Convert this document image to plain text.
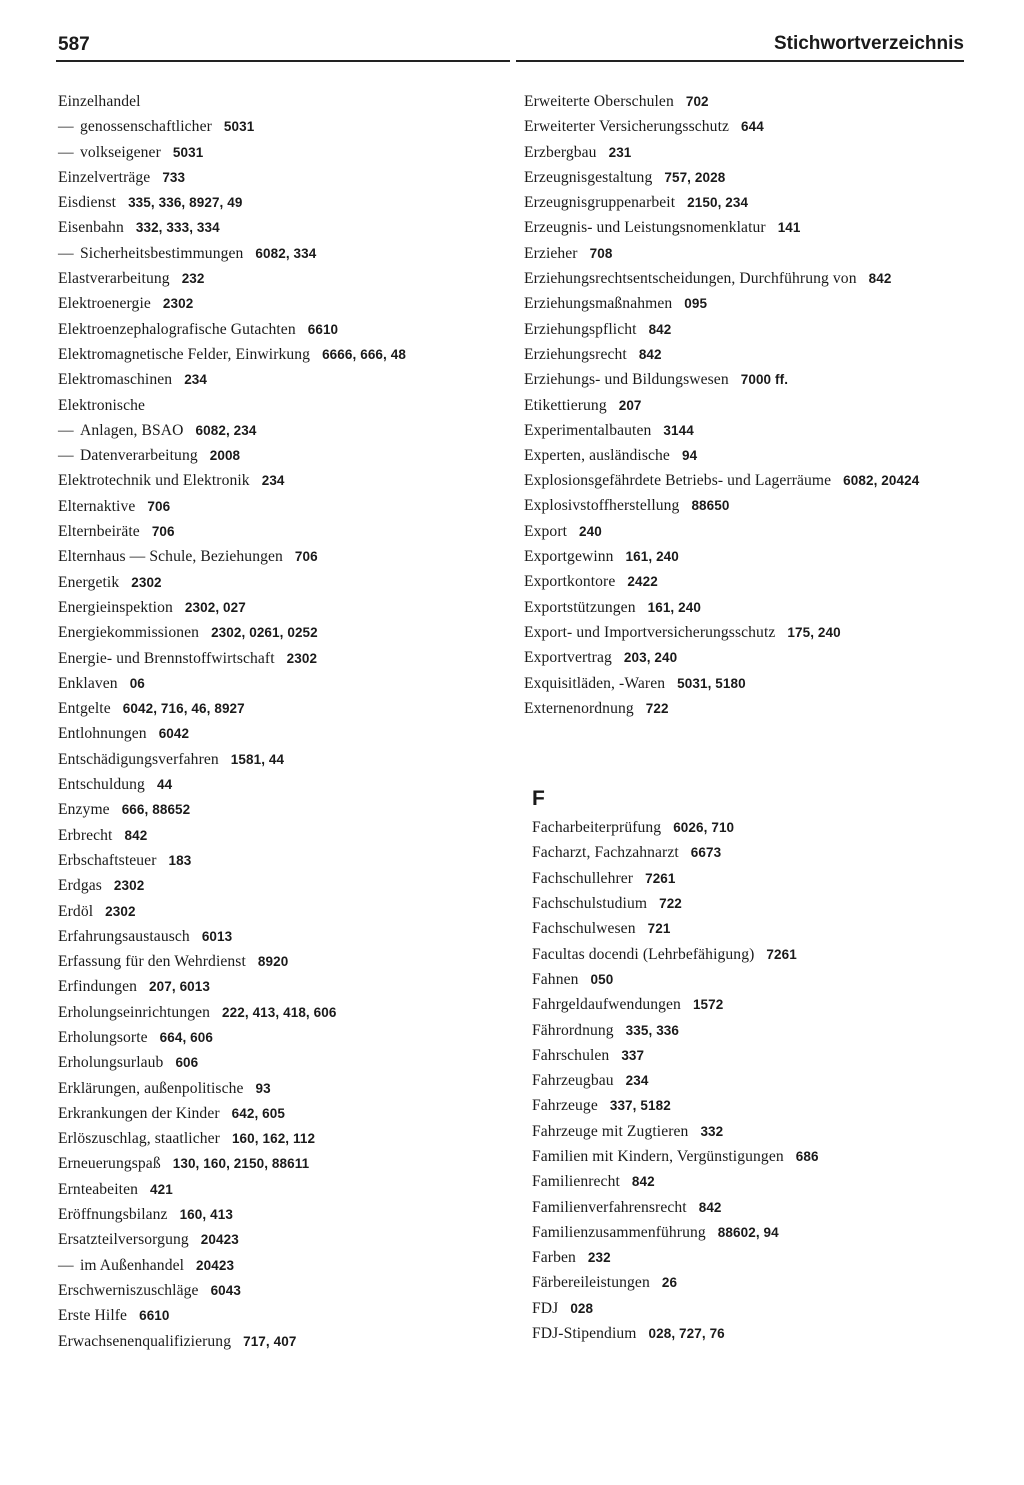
587	Stichwortverzeichnis
Einzelhandel
— genossenschaftlicher 5031
— volkseigener 5031
Einzelverträge 733
Eisdienst 335, 336, 8927, 49
Eisenbahn 332, 333, 334
— Sicherheitsbestimmungen 6082, 334
Elastverarbeitung 232
Elektroenergie 2302
Elektroenzephalografische Gutachten 6610
Elektromagnetische Felder, Einwirkung 6666, 666, 48
Elektromaschinen 234
Elektronische
— Anlagen, BSAO 6082, 234
— Datenverarbeitung 2008
Elektrotechnik und Elektronik 234
Elternaktive 706
Elternbeiräte 706
Elternhaus — Schule, Beziehungen 706
Energetik 2302
Energieinspektion 2302, 027
Energiekommissionen 2302, 0261, 0252
Energie- und Brennstoffwirtschaft 2302
Enklaven 06
Entgelte 6042, 716, 46, 8927
Entlohnungen 6042
Entschädigungsverfahren 1581, 44
Entschuldung 44
Enzyme 666, 88652
Erbrecht 842
Erbschaftsteuer 183
Erdgas 2302
Erdöl 2302
Erfahrungsaustausch 6013
Erfassung für den Wehrdienst 8920
Erfindungen 207, 6013
Erholungseinrichtungen 222, 413, 418, 606
Erholungsorte 664, 606
Erholungsurlaub 606
Erklärungen, außenpolitische 93
Erkrankungen der Kinder 642, 605
Erlöszuschlag, staatlicher 160, 162, 112
Erneuerungspaß 130, 160, 2150, 88611
Ernteabeiten 421
Eröffnungsbilanz 160, 413
Ersatzteilversorgung 20423
— im Außenhandel 20423
Erschwerniszuschläge 6043
Erste Hilfe 6610
Erwachsenenqualifizierung 717, 407
Erweiterte Oberschulen 702
Erweiterter Versicherungsschutz 644
Erzbergbau 231
Erzeugnisgestaltung 757, 2028
Erzeugnisgruppenarbeit 2150, 234
Erzeugnis- und Leistungsnomenklatur 141
Erzieher 708
Erziehungsrechtsentscheidungen, Durchführung von 842
Erziehungsmaßnahmen 095
Erziehungspflicht 842
Erziehungsrecht 842
Erziehungs- und Bildungswesen 7000 ff.
Etikettierung 207
Experimentalbauten 3144
Experten, ausländische 94
Explosionsgefährdete Betriebs- und Lagerräume 6082, 20424
Explosivstoffherstellung 88650
Export 240
Exportgewinn 161, 240
Exportkontore 2422
Exportstützungen 161, 240
Export- und Importversicherungsschutz 175, 240
Exportvertrag 203, 240
Exquisitläden, -Waren 5031, 5180
Externenordnung 722
F
Facharbeiterprüfung 6026, 710
Facharzt, Fachzahnarzt 6673
Fachschullehrer 7261
Fachschulstudium 722
Fachschulwesen 721
Facultas docendi (Lehrbefähigung) 7261
Fahnen 050
Fahrgeldaufwendungen 1572
Fährordnung 335, 336
Fahrschulen 337
Fahrzeugbau 234
Fahrzeuge 337, 5182
Fahrzeuge mit Zugtieren 332
Familien mit Kindern, Vergünstigungen 686
Familienrecht 842
Familienverfahrensrecht 842
Familienzusammenführung 88602, 94
Farben 232
Färbereileistungen 26
FDJ 028
FDJ-Stipendium 028, 727, 76
